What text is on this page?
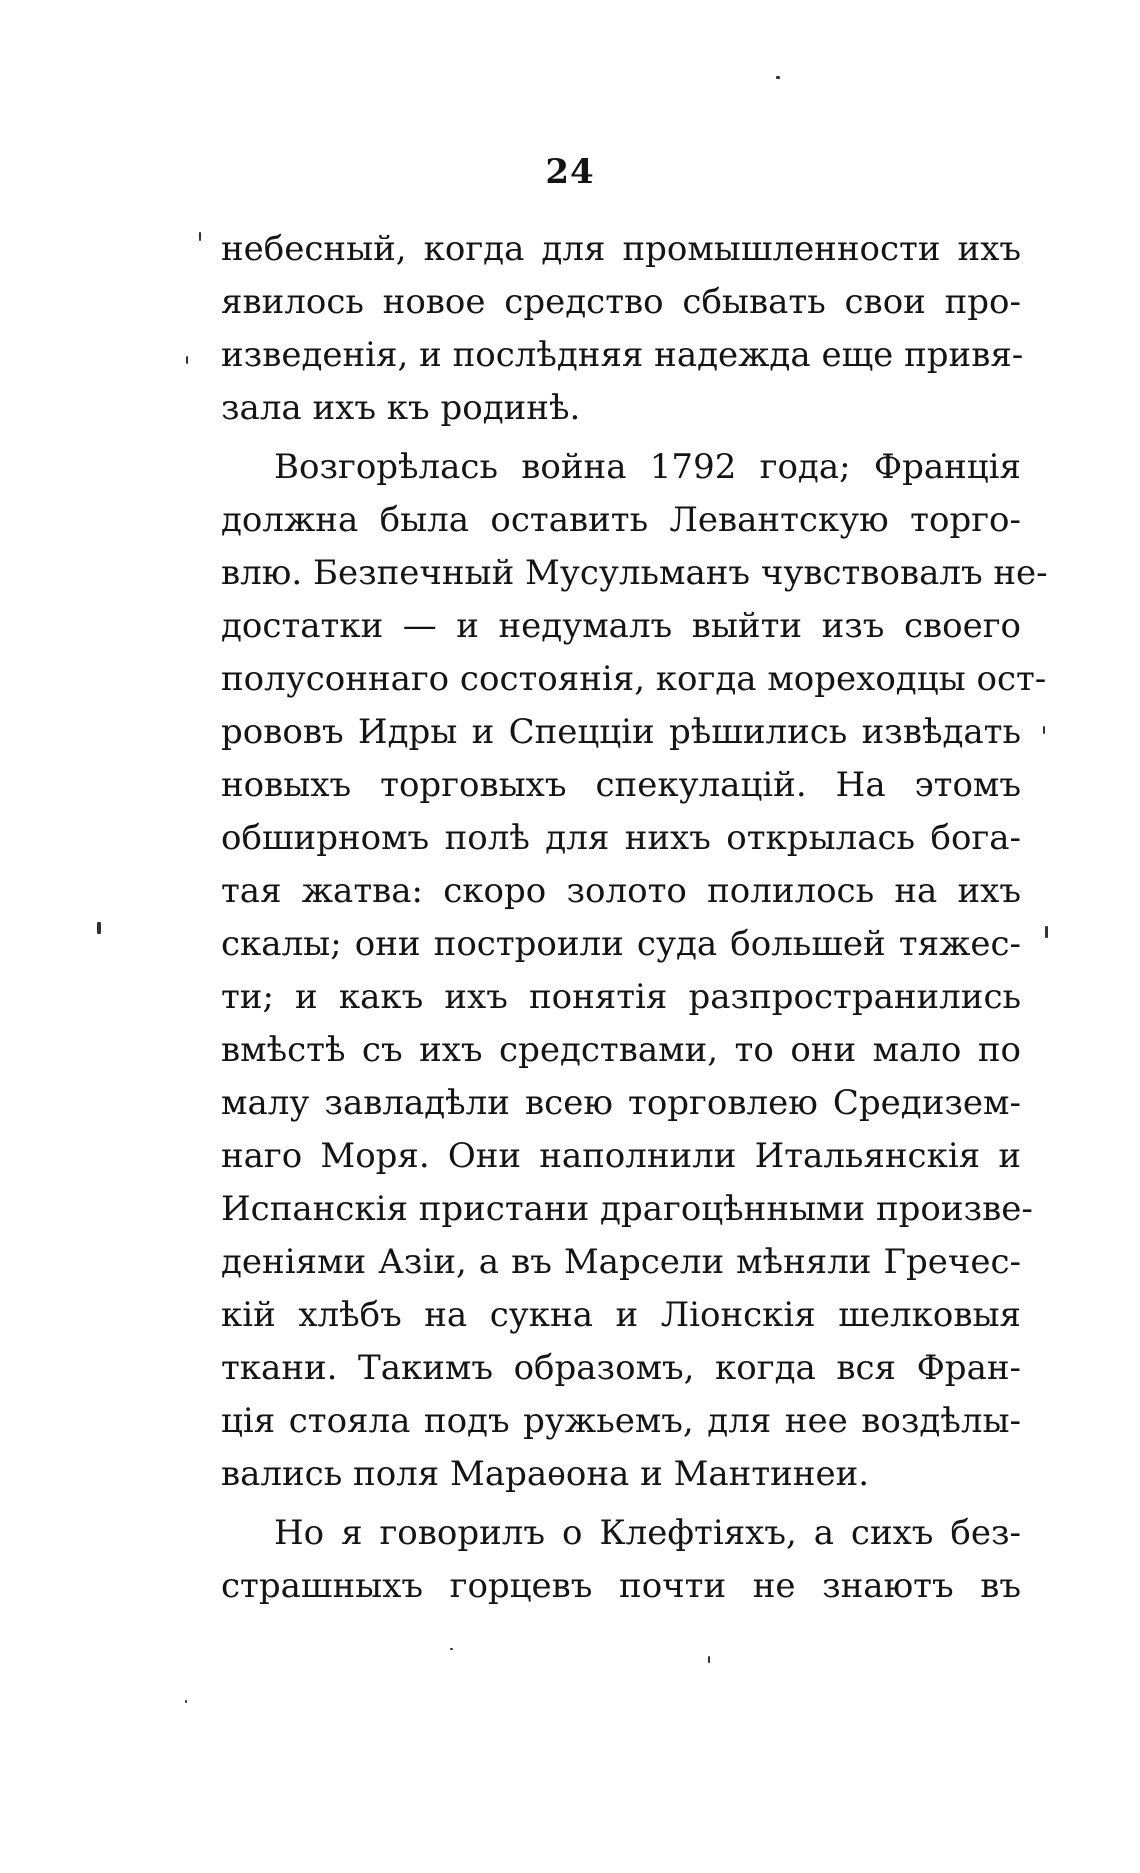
24
небесный, когда для промышленности ихъ
явилось новое средство сбывать свои про-
изведенія, и послѣдняя надежда еще привя-
зала ихъ къ родинѣ.
Возгорѣлась война 1792 года; Франція
должна была оставить Левантскую торго-
влю. Безпечный Мусульманъ чувствовалъ не-
достатки — и недумалъ выйти изъ своего
полусоннаго состоянія, когда мореходцы ост-
рововъ Идры и Спецціи рѣшились извѣдать
новыхъ торговыхъ спекулацій. На этомъ
обширномъ полѣ для нихъ открылась бога-
тая жатва: скоро золото полилось на ихъ
скалы; они построили суда большей тяжес-
ти; и какъ ихъ понятія разпространились
вмѣстѣ съ ихъ средствами, то они мало по
малу завладѣли всею торговлею Средизем-
наго Моря. Они наполнили Итальянскія и
Испанскія пристани драгоцѣнными произве-
деніями Азіи, а въ Марсели мѣняли Гречес-
кій хлѣбъ на сукна и Ліонскія шелковыя
ткани. Такимъ образомъ, когда вся Фран-
ція стояла подъ ружьемъ, для нее воздѣлы-
вались поля Мараѳона и Мантинеи.
Но я говорилъ о Клефтіяхъ, а сихъ без-
страшныхъ горцевъ почти не знаютъ въ
